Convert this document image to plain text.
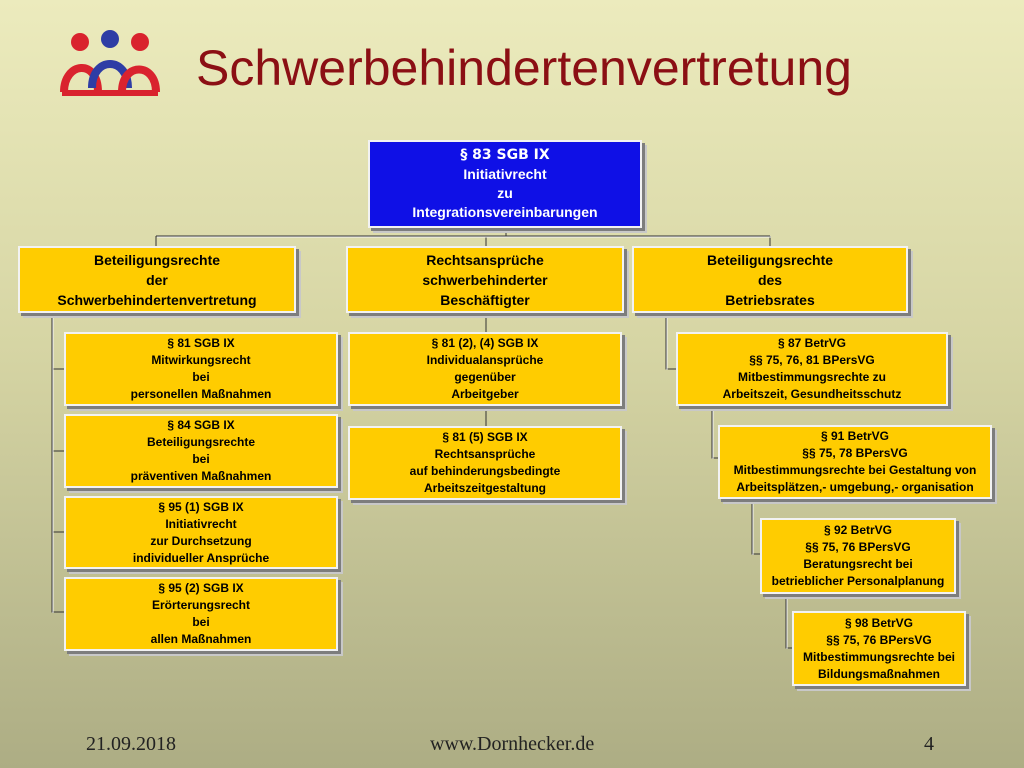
Schwerbehindertenvertretung
§ 83 SGB IX
Initiativrecht
zu
Integrationsvereinbarungen
Beteiligungsrechte
der
Schwerbehindertenvertretung
Rechtsansprüche
schwerbehinderter
Beschäftigter
Beteiligungsrechte
des
Betriebsrates
§ 81 SGB IX
Mitwirkungsrecht
bei
personellen Maßnahmen
§ 84 SGB IX
Beteiligungsrechte
bei
präventiven Maßnahmen
§ 95 (1) SGB IX
Initiativrecht
zur Durchsetzung
individueller Ansprüche
§ 95 (2) SGB IX
Erörterungsrecht
bei
allen Maßnahmen
§ 81 (2), (4) SGB IX
Individualansprüche
gegenüber
Arbeitgeber
§ 81 (5) SGB IX
Rechtsansprüche
auf behinderungsbedingte
Arbeitszeitgestaltung
§ 87 BetrVG
§§ 75, 76, 81 BPersVG
Mitbestimmungsrechte zu
Arbeitszeit, Gesundheitsschutz
§ 91 BetrVG
§§ 75, 78 BPersVG
Mitbestimmungsrechte bei Gestaltung von
Arbeitsplätzen,- umgebung,- organisation
§ 92 BetrVG
§§ 75, 76 BPersVG
Beratungsrecht bei
betrieblicher Personalplanung
§ 98 BetrVG
§§ 75, 76 BPersVG
Mitbestimmungsrechte bei
Bildungsmaßnahmen
21.09.2018	www.Dornhecker.de	4
